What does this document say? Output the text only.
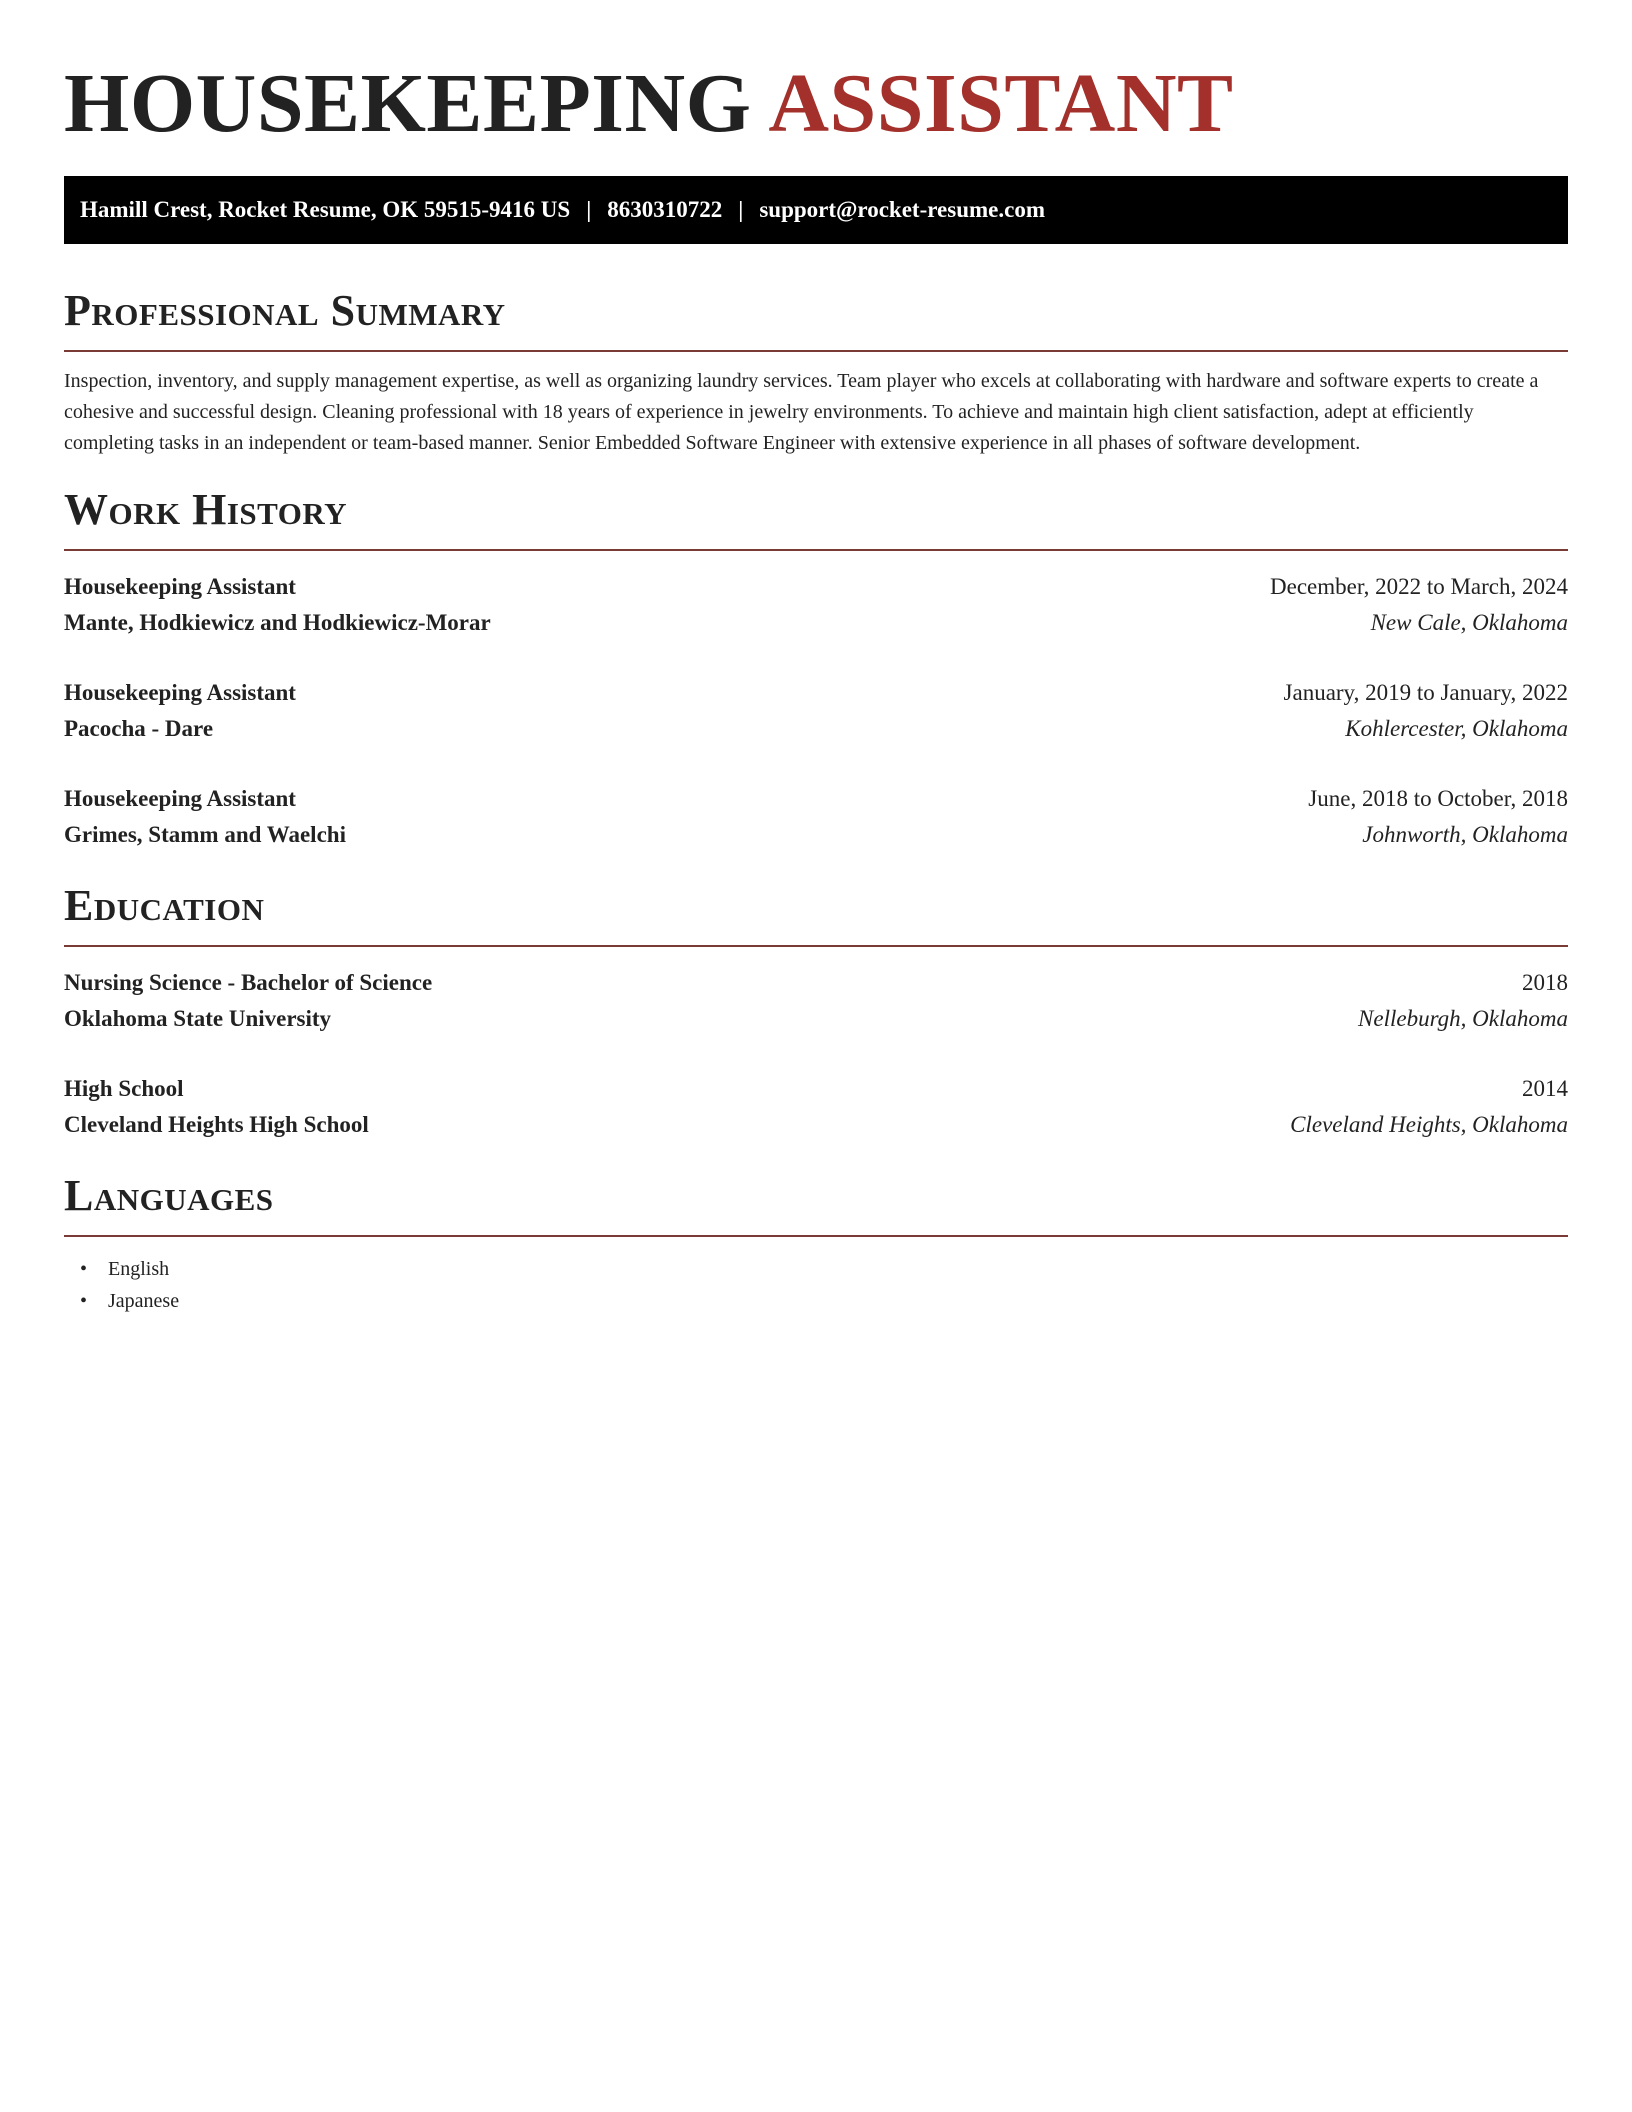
HOUSEKEEPING ASSISTANT
Hamill Crest, Rocket Resume, OK 59515-9416 US | 8630310722 | support@rocket-resume.com
Professional Summary

Inspection, inventory, and supply management expertise, as well as organizing laundry services. Team player who excels at collaborating with hardware and software experts to create a cohesive and successful design. Cleaning professional with 18 years of experience in jewelry environments. To achieve and maintain high client satisfaction, adept at efficiently completing tasks in an independent or team-based manner. Senior Embedded Software Engineer with extensive experience in all phases of software development.

Work History
Housekeeping Assistant	December, 2022 to March, 2024
Mante, Hodkiewicz and Hodkiewicz-Morar	New Cale, Oklahoma
Housekeeping Assistant	January, 2019 to January, 2022
Pacocha - Dare	Kohlercester, Oklahoma
Housekeeping Assistant	June, 2018 to October, 2018
Grimes, Stamm and Waelchi	Johnworth, Oklahoma
Education
Nursing Science - Bachelor of Science	2018
Oklahoma State University	Nelleburgh, Oklahoma
High School	2014
Cleveland Heights High School	Cleveland Heights, Oklahoma
Languages
• English
• Japanese
